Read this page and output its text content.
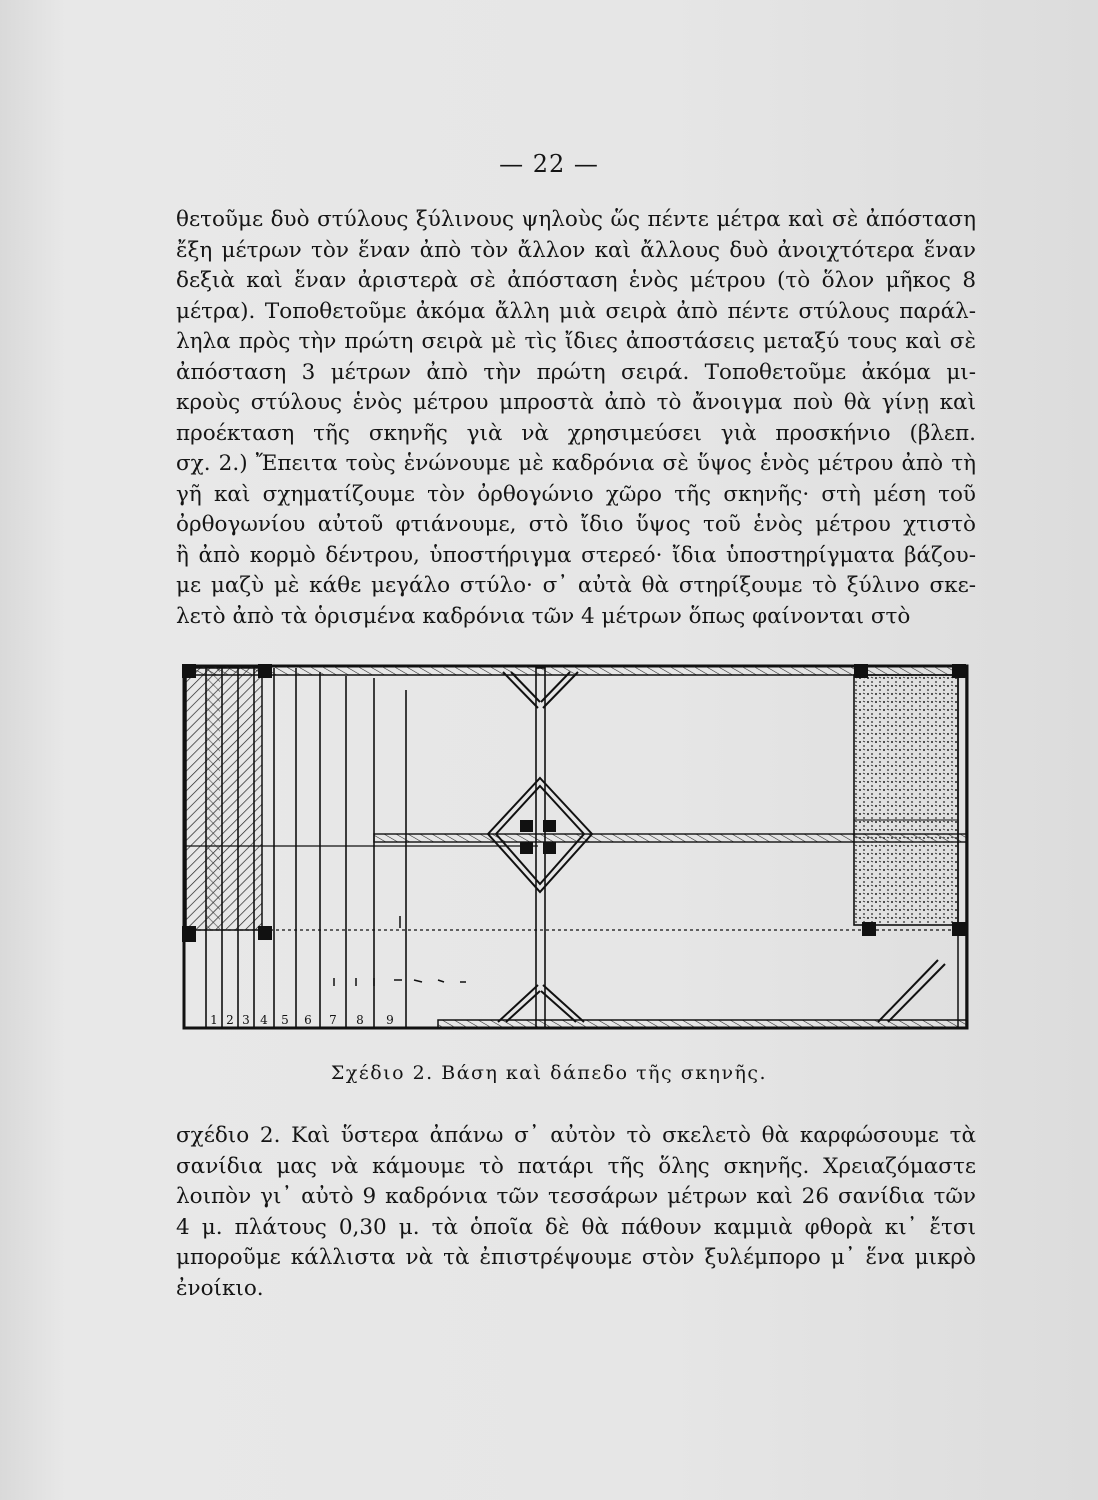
— 22 —
θετοῦμε δυὸ στύλους ξύλινους ψηλοὺς ὥς πέντε μέτρα καὶ σὲ ἀπόσταση
ἔξη μέτρων τὸν ἕναν ἀπὸ τὸν ἄλλον καὶ ἄλλους δυὸ ἀνοιχτότερα ἕναν
δεξιὰ καὶ ἕναν ἀριστερὰ σὲ ἀπόσταση ἑνὸς μέτρου (τὸ ὅλον μῆκος 8
μέτρα). Τοποθετοῦμε ἀκόμα ἄλλη μιὰ σειρὰ ἀπὸ πέντε στύλους παράλ-
ληλα πρὸς τὴν πρώτη σειρὰ μὲ τὶς ἴδιες ἀποστάσεις μεταξύ τους καὶ σὲ
ἀπόσταση 3 μέτρων ἀπὸ τὴν πρώτη σειρά. Τοποθετοῦμε ἀκόμα μι-
κροὺς στύλους ἑνὸς μέτρου μπροστὰ ἀπὸ τὸ ἄνοιγμα ποὺ θὰ γίνῃ καὶ
προέκταση τῆς σκηνῆς γιὰ νὰ χρησιμεύσει γιὰ προσκήνιο (βλεπ.
σχ. 2.) Ἔπειτα τοὺς ἑνώνουμε μὲ καδρόνια σὲ ὕψος ἑνὸς μέτρου ἀπὸ τὴ
γῆ καὶ σχηματίζουμε τὸν ὀρθογώνιο χῶρο τῆς σκηνῆς· στὴ μέση τοῦ
ὀρθογωνίου αὐτοῦ φτιάνουμε, στὸ ἴδιο ὕψος τοῦ ἑνὸς μέτρου χτιστὸ
ἢ ἀπὸ κορμὸ δέντρου, ὑποστήριγμα στερεό· ἴδια ὑποστηρίγματα βάζου-
με μαζὺ μὲ κάθε μεγάλο στύλο· σ᾽ αὐτὰ θὰ στηρίξουμε τὸ ξύλινο σκε-
λετὸ ἀπὸ τὰ ὁρισμένα καδρόνια τῶν 4 μέτρων ὅπως φαίνονται στὸ
1 2 3 4 5 6 7 8 9
Σχέδιο 2. Βάση καὶ δάπεδο τῆς σκηνῆς.
σχέδιο 2. Καὶ ὕστερα ἀπάνω σ᾽ αὐτὸν τὸ σκελετὸ θὰ καρφώσουμε τὰ
σανίδια μας νὰ κάμουμε τὸ πατάρι τῆς ὅλης σκηνῆς. Χρειαζόμαστε
λοιπὸν γι᾽ αὐτὸ 9 καδρόνια τῶν τεσσάρων μέτρων καὶ 26 σανίδια τῶν
4 μ. πλάτους 0,30 μ. τὰ ὁποῖα δὲ θὰ πάθουν καμμιὰ φθορὰ κι᾽ ἔτσι
μποροῦμε κάλλιστα νὰ τὰ ἐπιστρέψουμε στὸν ξυλέμπορο μ᾽ ἕνα μικρὸ
ἐνοίκιο.
